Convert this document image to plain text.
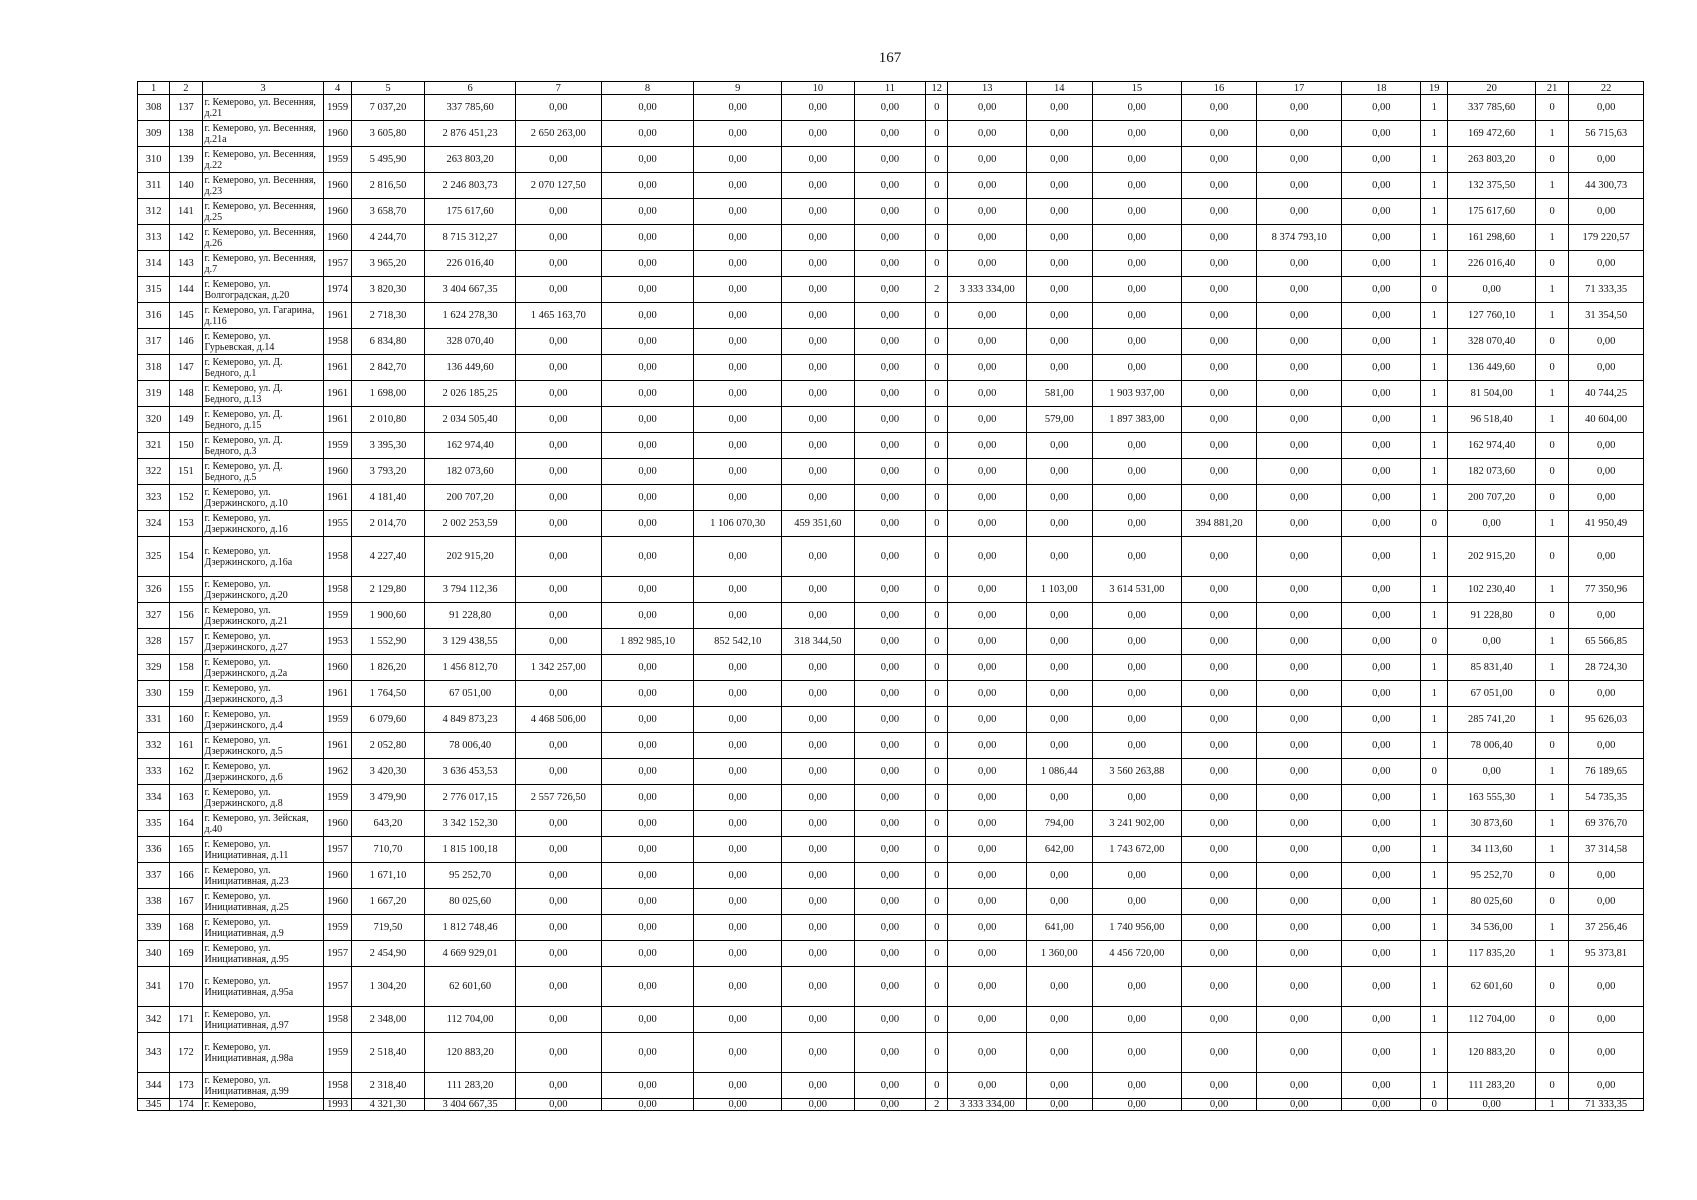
167
1	2	3	4	5	6	7	8	9	10	11	12	13	14	15	16	17	18	19	20	21	22
308	137	г. Кемерово, ул. Весенняя, д.21	1959	7 037,20	337 785,60	0,00	0,00	0,00	0,00	0,00	0	0,00	0,00	0,00	0,00	0,00	0,00	1	337 785,60	0	0,00
309	138	г. Кемерово, ул. Весенняя, д.21а	1960	3 605,80	2 876 451,23	2 650 263,00	0,00	0,00	0,00	0,00	0	0,00	0,00	0,00	0,00	0,00	0,00	1	169 472,60	1	56 715,63
310	139	г. Кемерово, ул. Весенняя, д.22	1959	5 495,90	263 803,20	0,00	0,00	0,00	0,00	0,00	0	0,00	0,00	0,00	0,00	0,00	0,00	1	263 803,20	0	0,00
311	140	г. Кемерово, ул. Весенняя, д.23	1960	2 816,50	2 246 803,73	2 070 127,50	0,00	0,00	0,00	0,00	0	0,00	0,00	0,00	0,00	0,00	0,00	1	132 375,50	1	44 300,73
312	141	г. Кемерово, ул. Весенняя, д.25	1960	3 658,70	175 617,60	0,00	0,00	0,00	0,00	0,00	0	0,00	0,00	0,00	0,00	0,00	0,00	1	175 617,60	0	0,00
313	142	г. Кемерово, ул. Весенняя, д.26	1960	4 244,70	8 715 312,27	0,00	0,00	0,00	0,00	0,00	0	0,00	0,00	0,00	0,00	8 374 793,10	0,00	1	161 298,60	1	179 220,57
314	143	г. Кемерово, ул. Весенняя, д.7	1957	3 965,20	226 016,40	0,00	0,00	0,00	0,00	0,00	0	0,00	0,00	0,00	0,00	0,00	0,00	1	226 016,40	0	0,00
315	144	г. Кемерово, ул. Волгоградская, д.20	1974	3 820,30	3 404 667,35	0,00	0,00	0,00	0,00	0,00	2	3 333 334,00	0,00	0,00	0,00	0,00	0,00	0	0,00	1	71 333,35
316	145	г. Кемерово, ул. Гагарина, д.116	1961	2 718,30	1 624 278,30	1 465 163,70	0,00	0,00	0,00	0,00	0	0,00	0,00	0,00	0,00	0,00	0,00	1	127 760,10	1	31 354,50
317	146	г. Кемерово, ул. Гурьевская, д.14	1958	6 834,80	328 070,40	0,00	0,00	0,00	0,00	0,00	0	0,00	0,00	0,00	0,00	0,00	0,00	1	328 070,40	0	0,00
318	147	г. Кемерово, ул. Д. Бедного, д.1	1961	2 842,70	136 449,60	0,00	0,00	0,00	0,00	0,00	0	0,00	0,00	0,00	0,00	0,00	0,00	1	136 449,60	0	0,00
319	148	г. Кемерово, ул. Д. Бедного, д.13	1961	1 698,00	2 026 185,25	0,00	0,00	0,00	0,00	0,00	0	0,00	581,00	1 903 937,00	0,00	0,00	0,00	1	81 504,00	1	40 744,25
320	149	г. Кемерово, ул. Д. Бедного, д.15	1961	2 010,80	2 034 505,40	0,00	0,00	0,00	0,00	0,00	0	0,00	579,00	1 897 383,00	0,00	0,00	0,00	1	96 518,40	1	40 604,00
321	150	г. Кемерово, ул. Д. Бедного, д.3	1959	3 395,30	162 974,40	0,00	0,00	0,00	0,00	0,00	0	0,00	0,00	0,00	0,00	0,00	0,00	1	162 974,40	0	0,00
322	151	г. Кемерово, ул. Д. Бедного, д.5	1960	3 793,20	182 073,60	0,00	0,00	0,00	0,00	0,00	0	0,00	0,00	0,00	0,00	0,00	0,00	1	182 073,60	0	0,00
323	152	г. Кемерово, ул. Дзержинского, д.10	1961	4 181,40	200 707,20	0,00	0,00	0,00	0,00	0,00	0	0,00	0,00	0,00	0,00	0,00	0,00	1	200 707,20	0	0,00
324	153	г. Кемерово, ул. Дзержинского, д.16	1955	2 014,70	2 002 253,59	0,00	0,00	1 106 070,30	459 351,60	0,00	0	0,00	0,00	0,00	394 881,20	0,00	0,00	0	0,00	1	41 950,49
325	154	г. Кемерово, ул. Дзержинского, д.16а	1958	4 227,40	202 915,20	0,00	0,00	0,00	0,00	0,00	0	0,00	0,00	0,00	0,00	0,00	0,00	1	202 915,20	0	0,00
326	155	г. Кемерово, ул. Дзержинского, д.20	1958	2 129,80	3 794 112,36	0,00	0,00	0,00	0,00	0,00	0	0,00	1 103,00	3 614 531,00	0,00	0,00	0,00	1	102 230,40	1	77 350,96
327	156	г. Кемерово, ул. Дзержинского, д.21	1959	1 900,60	91 228,80	0,00	0,00	0,00	0,00	0,00	0	0,00	0,00	0,00	0,00	0,00	0,00	1	91 228,80	0	0,00
328	157	г. Кемерово, ул. Дзержинского, д.27	1953	1 552,90	3 129 438,55	0,00	1 892 985,10	852 542,10	318 344,50	0,00	0	0,00	0,00	0,00	0,00	0,00	0,00	0	0,00	1	65 566,85
329	158	г. Кемерово, ул. Дзержинского, д.2а	1960	1 826,20	1 456 812,70	1 342 257,00	0,00	0,00	0,00	0,00	0	0,00	0,00	0,00	0,00	0,00	0,00	1	85 831,40	1	28 724,30
330	159	г. Кемерово, ул. Дзержинского, д.3	1961	1 764,50	67 051,00	0,00	0,00	0,00	0,00	0,00	0	0,00	0,00	0,00	0,00	0,00	0,00	1	67 051,00	0	0,00
331	160	г. Кемерово, ул. Дзержинского, д.4	1959	6 079,60	4 849 873,23	4 468 506,00	0,00	0,00	0,00	0,00	0	0,00	0,00	0,00	0,00	0,00	0,00	1	285 741,20	1	95 626,03
332	161	г. Кемерово, ул. Дзержинского, д.5	1961	2 052,80	78 006,40	0,00	0,00	0,00	0,00	0,00	0	0,00	0,00	0,00	0,00	0,00	0,00	1	78 006,40	0	0,00
333	162	г. Кемерово, ул. Дзержинского, д.6	1962	3 420,30	3 636 453,53	0,00	0,00	0,00	0,00	0,00	0	0,00	1 086,44	3 560 263,88	0,00	0,00	0,00	0	0,00	1	76 189,65
334	163	г. Кемерово, ул. Дзержинского, д.8	1959	3 479,90	2 776 017,15	2 557 726,50	0,00	0,00	0,00	0,00	0	0,00	0,00	0,00	0,00	0,00	0,00	1	163 555,30	1	54 735,35
335	164	г. Кемерово, ул. Зейская, д.40	1960	643,20	3 342 152,30	0,00	0,00	0,00	0,00	0,00	0	0,00	794,00	3 241 902,00	0,00	0,00	0,00	1	30 873,60	1	69 376,70
336	165	г. Кемерово, ул. Инициативная, д.11	1957	710,70	1 815 100,18	0,00	0,00	0,00	0,00	0,00	0	0,00	642,00	1 743 672,00	0,00	0,00	0,00	1	34 113,60	1	37 314,58
337	166	г. Кемерово, ул. Инициативная, д.23	1960	1 671,10	95 252,70	0,00	0,00	0,00	0,00	0,00	0	0,00	0,00	0,00	0,00	0,00	0,00	1	95 252,70	0	0,00
338	167	г. Кемерово, ул. Инициативная, д.25	1960	1 667,20	80 025,60	0,00	0,00	0,00	0,00	0,00	0	0,00	0,00	0,00	0,00	0,00	0,00	1	80 025,60	0	0,00
339	168	г. Кемерово, ул. Инициативная, д.9	1959	719,50	1 812 748,46	0,00	0,00	0,00	0,00	0,00	0	0,00	641,00	1 740 956,00	0,00	0,00	0,00	1	34 536,00	1	37 256,46
340	169	г. Кемерово, ул. Инициативная, д.95	1957	2 454,90	4 669 929,01	0,00	0,00	0,00	0,00	0,00	0	0,00	1 360,00	4 456 720,00	0,00	0,00	0,00	1	117 835,20	1	95 373,81
341	170	г. Кемерово, ул. Инициативная, д.95а	1957	1 304,20	62 601,60	0,00	0,00	0,00	0,00	0,00	0	0,00	0,00	0,00	0,00	0,00	0,00	1	62 601,60	0	0,00
342	171	г. Кемерово, ул. Инициативная, д.97	1958	2 348,00	112 704,00	0,00	0,00	0,00	0,00	0,00	0	0,00	0,00	0,00	0,00	0,00	0,00	1	112 704,00	0	0,00
343	172	г. Кемерово, ул. Инициативная, д.98а	1959	2 518,40	120 883,20	0,00	0,00	0,00	0,00	0,00	0	0,00	0,00	0,00	0,00	0,00	0,00	1	120 883,20	0	0,00
344	173	г. Кемерово, ул. Инициативная, д.99	1958	2 318,40	111 283,20	0,00	0,00	0,00	0,00	0,00	0	0,00	0,00	0,00	0,00	0,00	0,00	1	111 283,20	0	0,00
345	174	г. Кемерово,	1993	4 321,30	3 404 667,35	0,00	0,00	0,00	0,00	0,00	2	3 333 334,00	0,00	0,00	0,00	0,00	0,00	0	0,00	1	71 333,35
